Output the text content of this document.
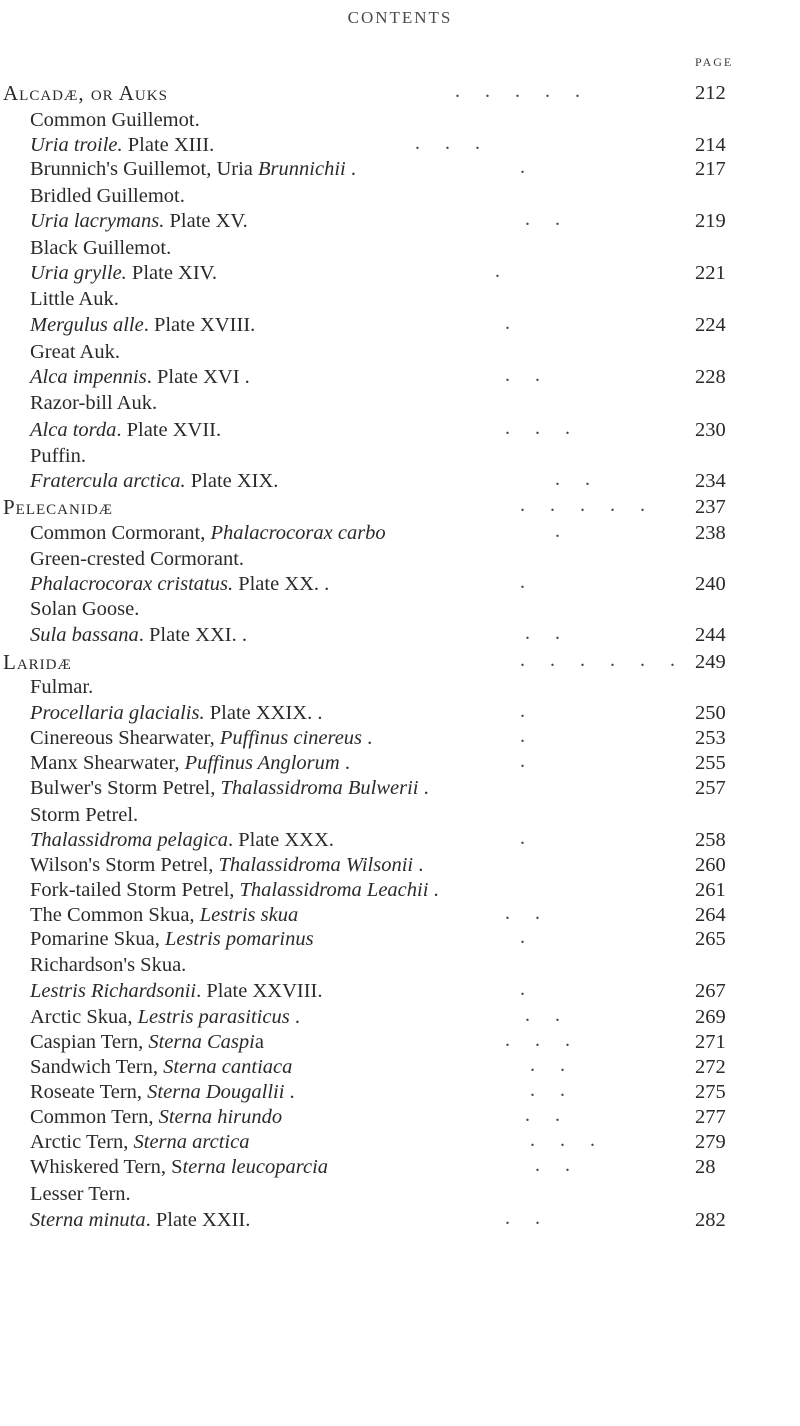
CONTENTS
PAGE
Alcadæ, or Auks	.     .     .     .     .	212
Common Guillemot.
Uria troile. Plate XIII.	.     .     .	214
Brunnich's Guillemot, Uria Brunnichii .	.	217
Bridled Guillemot.
Uria lacrymans. Plate XV.	.     .	219
Black Guillemot.
Uria grylle. Plate XIV.	.	221
Little Auk.
Mergulus alle. Plate XVIII.	.	224
Great Auk.
Alca impennis. Plate XVI .	.     .	228
Razor-bill Auk.
Alca torda. Plate XVII.	.     .     .	230
Puffin.
Fratercula arctica. Plate XIX.	.     .	234
Pelecanidæ	.     .     .     .     . 237
Common Cormorant, Phalacrocorax carbo	.	238
Green-crested Cormorant.
Phalacrocorax cristatus. Plate XX. .	.	240
Solan Goose.
Sula bassana. Plate XXI. .	.     .	244
Laridæ	.     .     .     .     .     . 249
Fulmar.
Procellaria glacialis. Plate XXIX. .	.	250
Cinereous Shearwater, Puffinus cinereus .	.	253
Manx Shearwater, Puffinus Anglorum .	.	255
Bulwer's Storm Petrel, Thalassidroma Bulwerii .	257
Storm Petrel.
Thalassidroma pelagica. Plate XXX.	.	258
Wilson's Storm Petrel, Thalassidroma Wilsonii .	260
Fork-tailed Storm Petrel, Thalassidroma Leachii .	261
The Common Skua, Lestris skua	.     .	264
Pomarine Skua, Lestris pomarinus	.	265
Richardson's Skua.
Lestris Richardsonii. Plate XXVIII.	.	267
Arctic Skua, Lestris parasiticus .	.     .	269
Caspian Tern, Sterna Caspia	.     .     .	271
Sandwich Tern, Sterna cantiaca	.     .	272
Roseate Tern, Sterna Dougallii .	.     .	275
Common Tern, Sterna hirundo	.     .	277
Arctic Tern, Sterna arctica	.     .     .	279
Whiskered Tern, Sterna leucoparcia	.     .	28
Lesser Tern.
Sterna minuta. Plate XXII.	.     .	282
